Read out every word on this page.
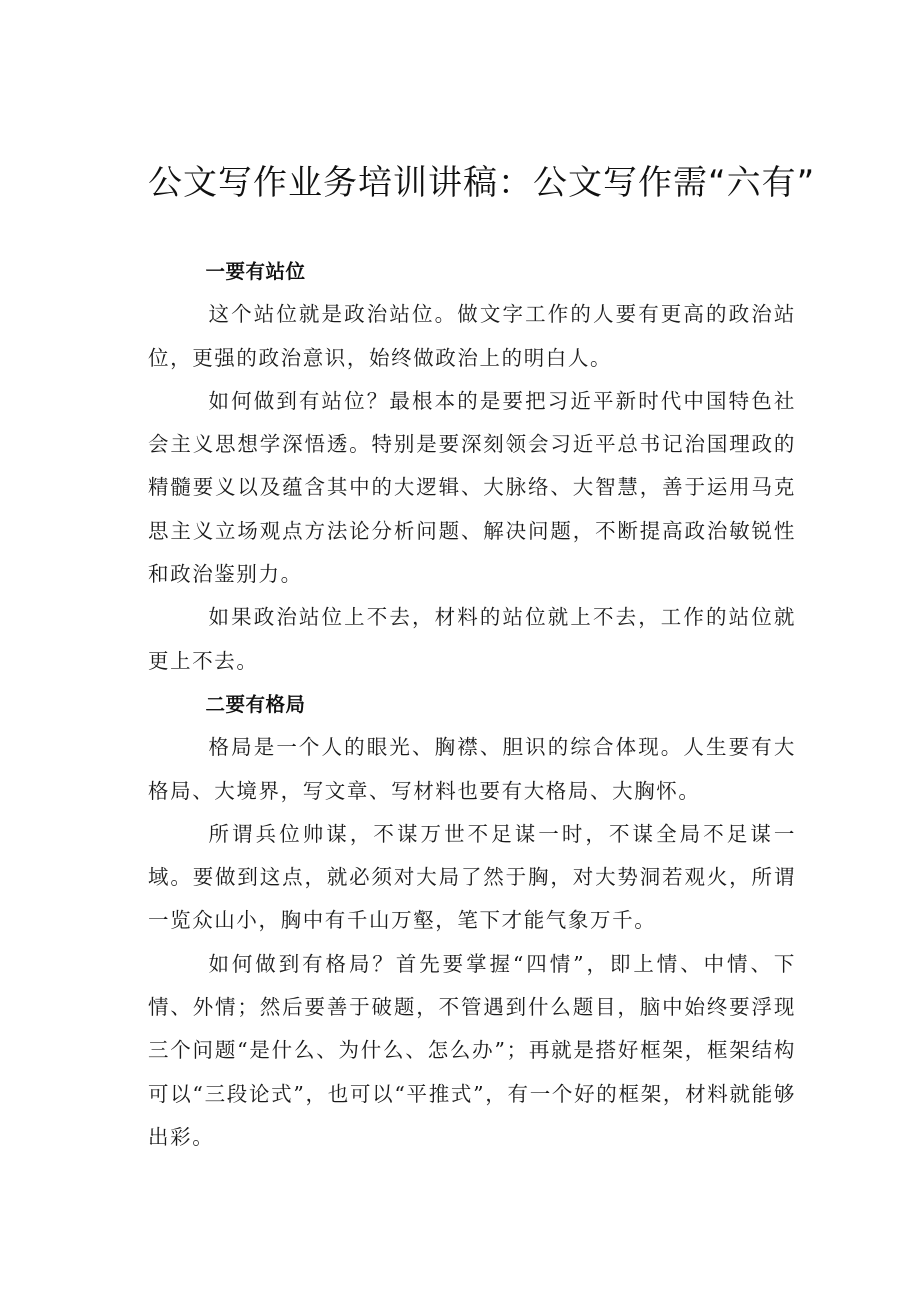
公文写作业务培训讲稿：公文写作需“六有”
一要有站位

这个站位就是政治站位。做文字工作的人要有更高的政治站位，更强的政治意识，始终做政治上的明白人。

如何做到有站位？最根本的是要把习近平新时代中国特色社会主义思想学深悟透。特别是要深刻领会习近平总书记治国理政的精髓要义以及蕴含其中的大逻辑、大脉络、大智慧，善于运用马克思主义立场观点方法论分析问题、解决问题，不断提高政治敏锐性和政治鉴别力。

如果政治站位上不去，材料的站位就上不去，工作的站位就更上不去。

二要有格局

格局是一个人的眼光、胸襟、胆识的综合体现。人生要有大格局、大境界，写文章、写材料也要有大格局、大胸怀。

所谓兵位帅谋，不谋万世不足谋一时，不谋全局不足谋一域。要做到这点，就必须对大局了然于胸，对大势洞若观火，所谓一览众山小，胸中有千山万壑，笔下才能气象万千。

如何做到有格局？首先要掌握“四情”，即上情、中情、下情、外情；然后要善于破题，不管遇到什么题目，脑中始终要浮现三个问题“是什么、为什么、怎么办”；再就是搭好框架，框架结构可以“三段论式”，也可以“平推式”，有一个好的框架，材料就能够出彩。
